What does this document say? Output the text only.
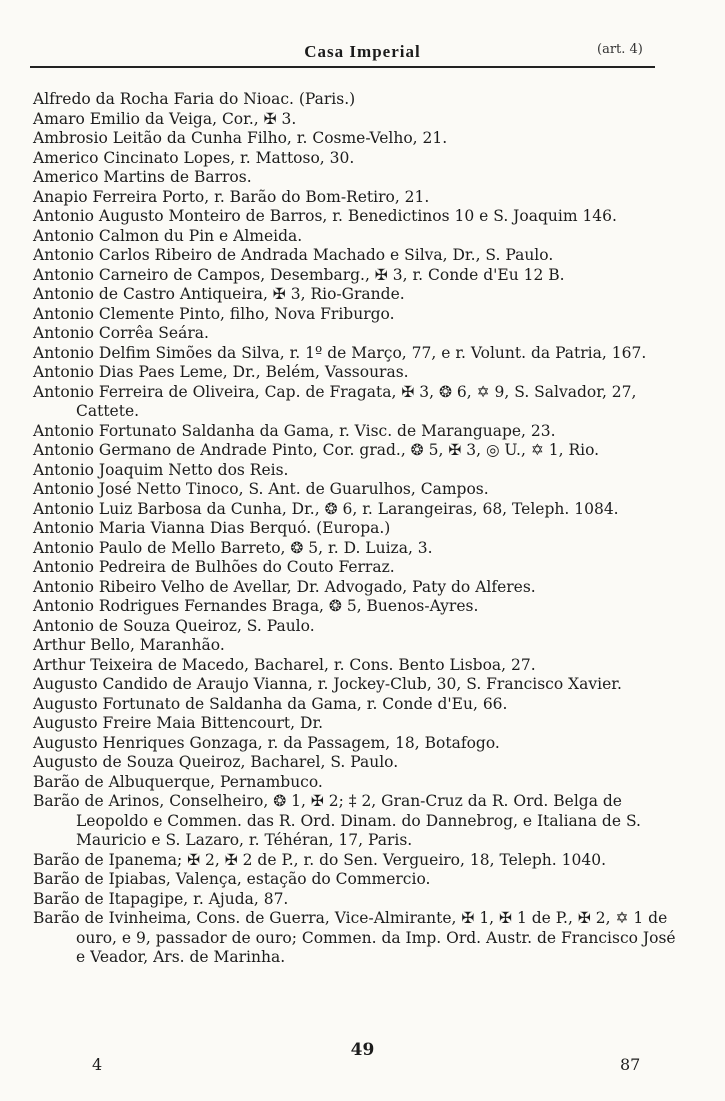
Casa Imperial	(art. 4)
Alfredo da Rocha Faria do Nioac. (Paris.)
Amaro Emilio da Veiga, Cor., ✠ 3.
Ambrosio Leitão da Cunha Filho, r. Cosme-Velho, 21.
Americo Cincinato Lopes, r. Mattoso, 30.
Americo Martins de Barros.
Anapio Ferreira Porto, r. Barão do Bom-Retiro, 21.
Antonio Augusto Monteiro de Barros, r. Benedictinos 10 e S. Joaquim 146.
Antonio Calmon du Pin e Almeida.
Antonio Carlos Ribeiro de Andrada Machado e Silva, Dr., S. Paulo.
Antonio Carneiro de Campos, Desembarg., ✠ 3, r. Conde d'Eu 12 B.
Antonio de Castro Antiqueira, ✠ 3, Rio-Grande.
Antonio Clemente Pinto, filho, Nova Friburgo.
Antonio Corrêa Seára.
Antonio Delfim Simões da Silva, r. 1º de Março, 77, e r. Volunt. da Patria, 167.
Antonio Dias Paes Leme, Dr., Belém, Vassouras.
Antonio Ferreira de Oliveira, Cap. de Fragata, ✠ 3, ❂ 6, ✡ 9, S. Salvador, 27, Cattete.
Antonio Fortunato Saldanha da Gama, r. Visc. de Maranguape, 23.
Antonio Germano de Andrade Pinto, Cor. grad., ❂ 5, ✠ 3, ◎ U., ✡ 1, Rio.
Antonio Joaquim Netto dos Reis.
Antonio José Netto Tinoco, S. Ant. de Guarulhos, Campos.
Antonio Luiz Barbosa da Cunha, Dr., ❂ 6, r. Larangeiras, 68, Teleph. 1084.
Antonio Maria Vianna Dias Berquó. (Europa.)
Antonio Paulo de Mello Barreto, ❂ 5, r. D. Luiza, 3.
Antonio Pedreira de Bulhões do Couto Ferraz.
Antonio Ribeiro Velho de Avellar, Dr. Advogado, Paty do Alferes.
Antonio Rodrigues Fernandes Braga, ❂ 5, Buenos-Ayres.
Antonio de Souza Queiroz, S. Paulo.
Arthur Bello, Maranhão.
Arthur Teixeira de Macedo, Bacharel, r. Cons. Bento Lisboa, 27.
Augusto Candido de Araujo Vianna, r. Jockey-Club, 30, S. Francisco Xavier.
Augusto Fortunato de Saldanha da Gama, r. Conde d'Eu, 66.
Augusto Freire Maia Bittencourt, Dr.
Augusto Henriques Gonzaga, r. da Passagem, 18, Botafogo.
Augusto de Souza Queiroz, Bacharel, S. Paulo.
Barão de Albuquerque, Pernambuco.
Barão de Arinos, Conselheiro, ❂ 1, ✠ 2; ‡ 2, Gran-Cruz da R. Ord. Belga de Leopoldo e Commen. das R. Ord. Dinam. do Dannebrog, e Italiana de S. Mauricio e S. Lazaro, r. Téhéran, 17, Paris.
Barão de Ipanema; ✠ 2, ✠ 2 de P., r. do Sen. Vergueiro, 18, Teleph. 1040.
Barão de Ipiabas, Valença, estação do Commercio.
Barão de Itapagipe, r. Ajuda, 87.
Barão de Ivinheima, Cons. de Guerra, Vice-Almirante, ✠ 1, ✠ 1 de P., ✠ 2, ✡ 1 de ouro, e 9, passador de ouro; Commen. da Imp. Ord. Austr. de Francisco José e Veador, Ars. de Marinha.
4
49
87
